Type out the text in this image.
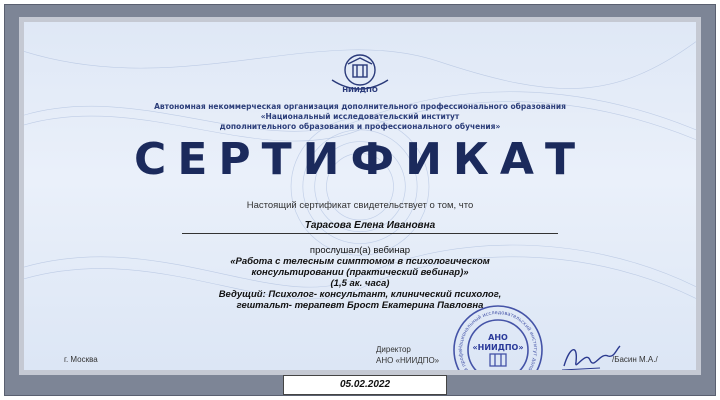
НИИДПО
Автономная некоммерческая организация дополнительного профессионального образования
«Национальный исследовательский институт
дополнительного образования и профессионального обучения»
СЕРТИФИКАТ
Настоящий сертификат свидетельствует о том, что
Тарасова Елена Ивановна
прослушал(а) вебинар
«Работа с телесным симптомом в психологическом
консультировании (практический вебинар)»
(1,5 ак. часа)
Ведущий: Психолог- консультант, клинический психолог,
гештальт- терапевт Брост Екатерина Павловна
г. Москва
Директор
АНО «НИИДПО»
Национальный исследовательский институт дополнительного образования и профе
АНО
«НИИДПО»
/Басин М.А./
05.02.2022
